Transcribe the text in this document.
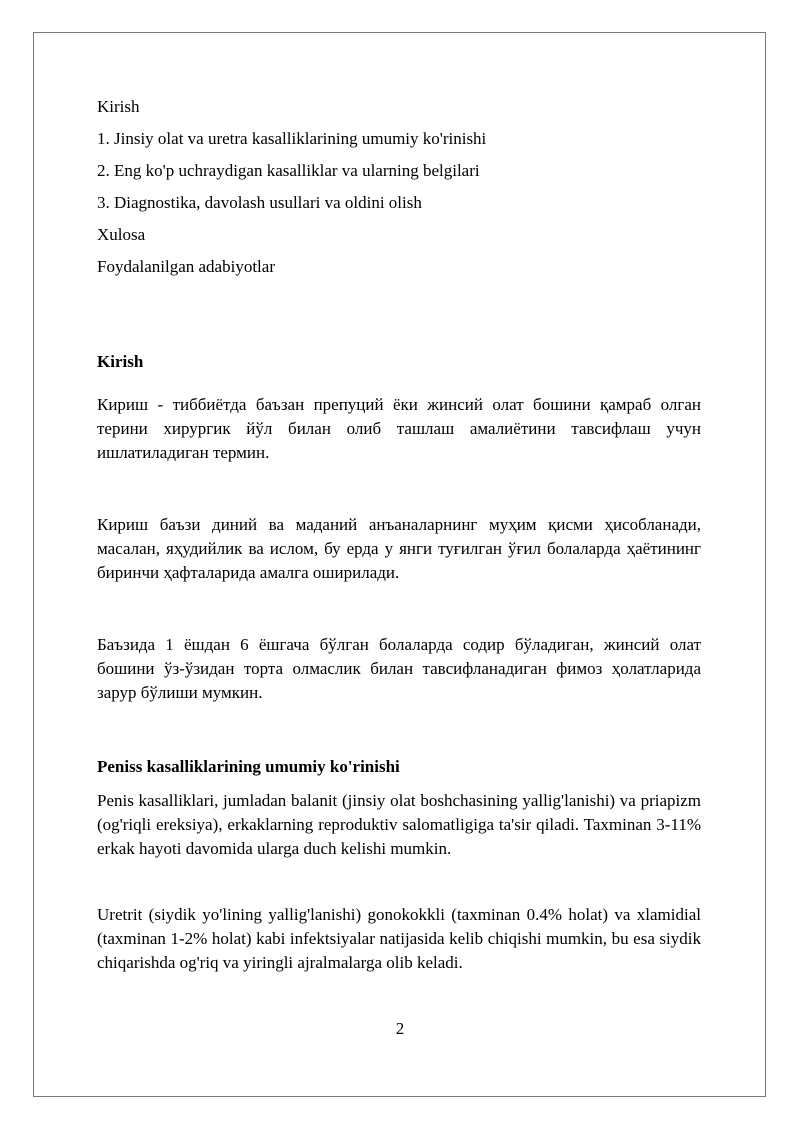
Kirish

1. Jinsiy olat va uretra kasalliklarining umumiy ko'rinishi

2. Eng ko'p uchraydigan kasalliklar va ularning belgilari

3. Diagnostika, davolash usullari va oldini olish

Xulosa

Foydalanilgan adabiyotlar

Kirish

Кириш - тиббиётда баъзан препуций ёки жинсий олат бошини қамраб олган терини хирургик йўл билан олиб ташлаш амалиётини тавсифлаш учун ишлатиладиган термин.

Кириш баъзи диний ва маданий анъаналарнинг муҳим қисми ҳисобланади, масалан, яҳудийлик ва ислом, бу ерда у янги туғилган ўғил болаларда ҳаётининг биринчи ҳафталарида амалга оширилади.

Баъзида 1 ёшдан 6 ёшгача бўлган болаларда содир бўладиган, жинсий олат бошини ўз-ўзидан торта олмаслик билан тавсифланадиган фимоз ҳолатларида зарур бўлиши мумкин.

Peniss kasalliklarining umumiy ko'rinishi

Penis kasalliklari, jumladan balanit (jinsiy olat boshchasining yallig'lanishi) va priapizm (og'riqli ereksiya), erkaklarning reproduktiv salomatligiga ta'sir qiladi. Taxminan 3-11% erkak hayoti davomida ularga duch kelishi mumkin.

Uretrit (siydik yo'lining yallig'lanishi) gonokokkli (taxminan 0.4% holat) va xlamidial (taxminan 1-2% holat) kabi infektsiyalar natijasida kelib chiqishi mumkin, bu esa siydik chiqarishda og'riq va yiringli ajralmalarga olib keladi.

2
